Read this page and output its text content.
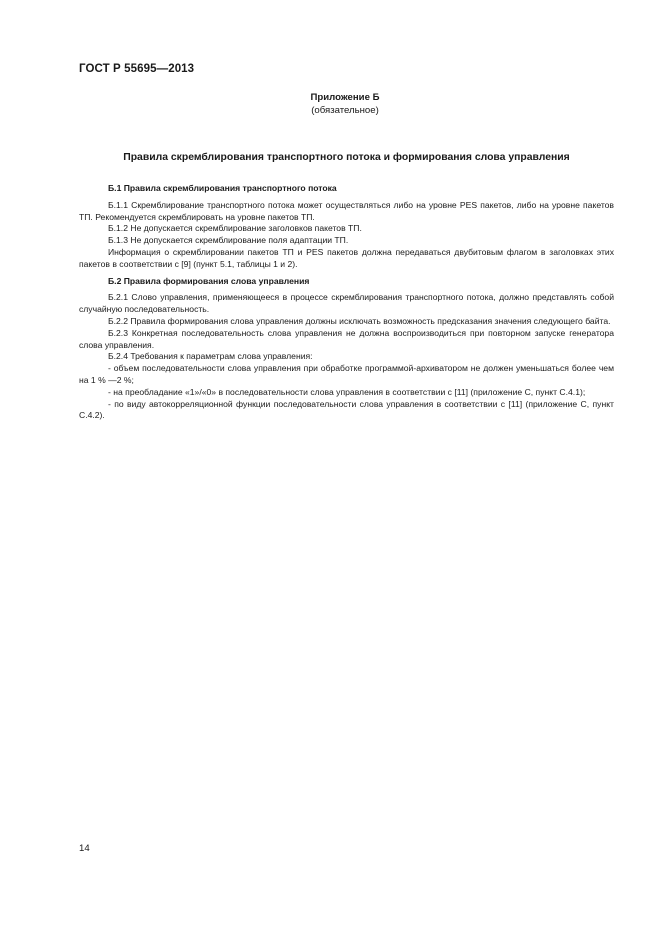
ГОСТ Р 55695—2013
Приложение Б
(обязательное)
Правила скремблирования транспортного потока и формирования слова управления

Б.1 Правила скремблирования транспортного потока

Б.1.1 Скремблирование транспортного потока может осуществляться либо на уровне PES пакетов, либо на уровне пакетов ТП. Рекомендуется скремблировать на уровне пакетов ТП.

Б.1.2 Не допускается скремблирование заголовков пакетов ТП.

Б.1.3 Не допускается скремблирование поля адаптации ТП.

Информация о скремблировании пакетов ТП и PES пакетов должна передаваться двубитовым флагом в заголовках этих пакетов в соответствии с [9] (пункт 5.1, таблицы 1 и 2).

Б.2 Правила формирования слова управления

Б.2.1 Слово управления, применяющееся в процессе скремблирования транспортного потока, должно представлять собой случайную последовательность.

Б.2.2 Правила формирования слова управления должны исключать возможность предсказания значения следующего байта.

Б.2.3 Конкретная последовательность слова управления не должна воспроизводиться при повторном запуске генератора слова управления.

Б.2.4 Требования к параметрам слова управления:

- объем последовательности слова управления при обработке программой-архиватором не должен уменьшаться более чем на 1 % —2 %;

- на преобладание «1»/«0» в последовательности слова управления в соответствии с [11] (приложение С, пункт С.4.1);

- по виду автокорреляционной функции последовательности слова управления в соответствии с [11] (приложение С, пункт С.4.2).

14
